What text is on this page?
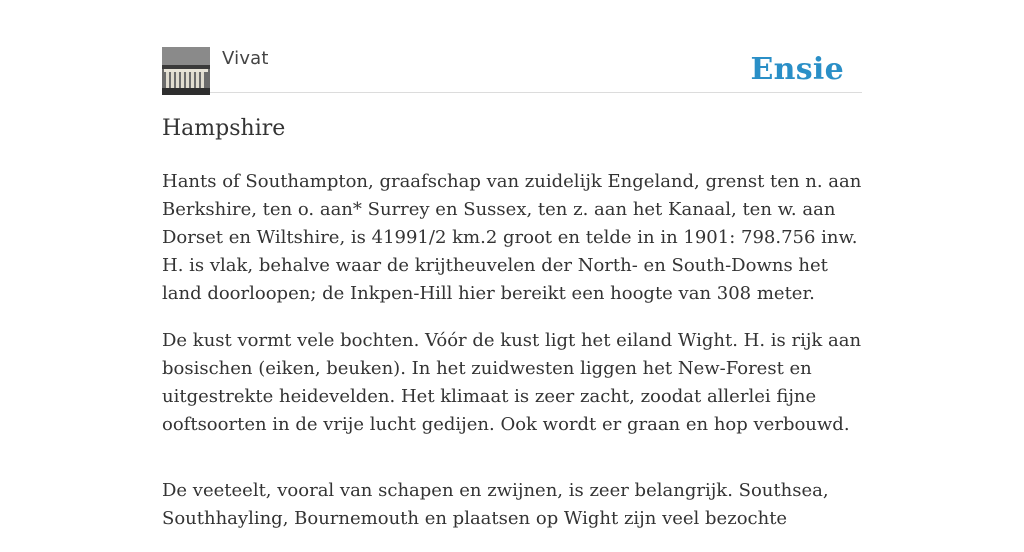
Vivat	Ensie
Hampshire

Hants of Southampton, graafschap van zuidelijk Engeland, grenst ten n. aan Berkshire, ten o. aan* Surrey en Sussex, ten z. aan het Kanaal, ten w. aan Dorset en Wiltshire, is 41991/2 km.2 groot en telde in in 1901: 798.756 inw. H. is vlak, behalve waar de krijtheuvelen der North- en South-Downs het land doorloopen; de Inkpen-Hill hier bereikt een hoogte van 308 meter.

De kust vormt vele bochten. Vóór de kust ligt het eiland Wight. H. is rijk aan bosischen (eiken, beuken). In het zuidwesten liggen het New-Forest en uitgestrekte heidevelden. Het klimaat is zeer zacht, zoodat allerlei fijne ooftsoorten in de vrije lucht gedijen. Ook wordt er graan en hop verbouwd.

De veeteelt, vooral van schapen en zwijnen, is zeer belangrijk. Southsea, Southhayling, Bournemouth en plaatsen op Wight zijn veel bezochte
